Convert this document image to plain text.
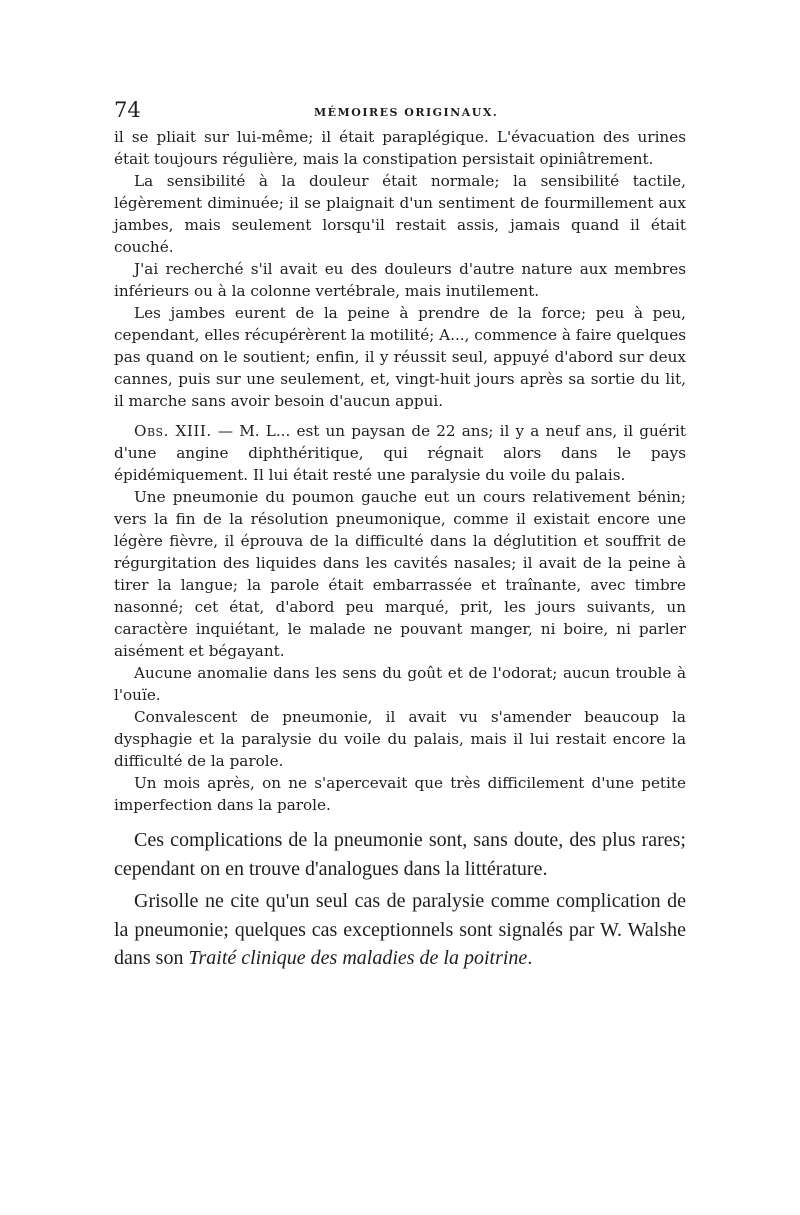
74	MÉMOIRES ORIGINAUX.

il se pliait sur lui-même; il était paraplégique. L'évacuation des urines était toujours régulière, mais la constipation persistait opiniâtrement.

La sensibilité à la douleur était normale; la sensibilité tactile, légèrement diminuée; il se plaignait d'un sentiment de fourmillement aux jambes, mais seulement lorsqu'il restait assis, jamais quand il était couché.

J'ai recherché s'il avait eu des douleurs d'autre nature aux membres inférieurs ou à la colonne vertébrale, mais inutilement.

Les jambes eurent de la peine à prendre de la force; peu à peu, cependant, elles récupérèrent la motilité; A..., commence à faire quelques pas quand on le soutient; enfin, il y réussit seul, appuyé d'abord sur deux cannes, puis sur une seulement, et, vingt-huit jours après sa sortie du lit, il marche sans avoir besoin d'aucun appui.

Obs. XIII. — M. L... est un paysan de 22 ans; il y a neuf ans, il guérit d'une angine diphthéritique, qui régnait alors dans le pays épidémiquement. Il lui était resté une paralysie du voile du palais.

Une pneumonie du poumon gauche eut un cours relativement bénin; vers la fin de la résolution pneumonique, comme il existait encore une légère fièvre, il éprouva de la difficulté dans la déglutition et souffrit de régurgitation des liquides dans les cavités nasales; il avait de la peine à tirer la langue; la parole était embarrassée et traînante, avec timbre nasonné; cet état, d'abord peu marqué, prit, les jours suivants, un caractère inquiétant, le malade ne pouvant manger, ni boire, ni parler aisément et bégayant.

Aucune anomalie dans les sens du goût et de l'odorat; aucun trouble à l'ouïe.

Convalescent de pneumonie, il avait vu s'amender beaucoup la dysphagie et la paralysie du voile du palais, mais il lui restait encore la difficulté de la parole.

Un mois après, on ne s'apercevait que très difficilement d'une petite imperfection dans la parole.

Ces complications de la pneumonie sont, sans doute, des plus rares; cependant on en trouve d'analogues dans la littérature.

Grisolle ne cite qu'un seul cas de paralysie comme complication de la pneumonie; quelques cas exceptionnels sont signalés par W. Walshe dans son Traité clinique des maladies de la poitrine.
